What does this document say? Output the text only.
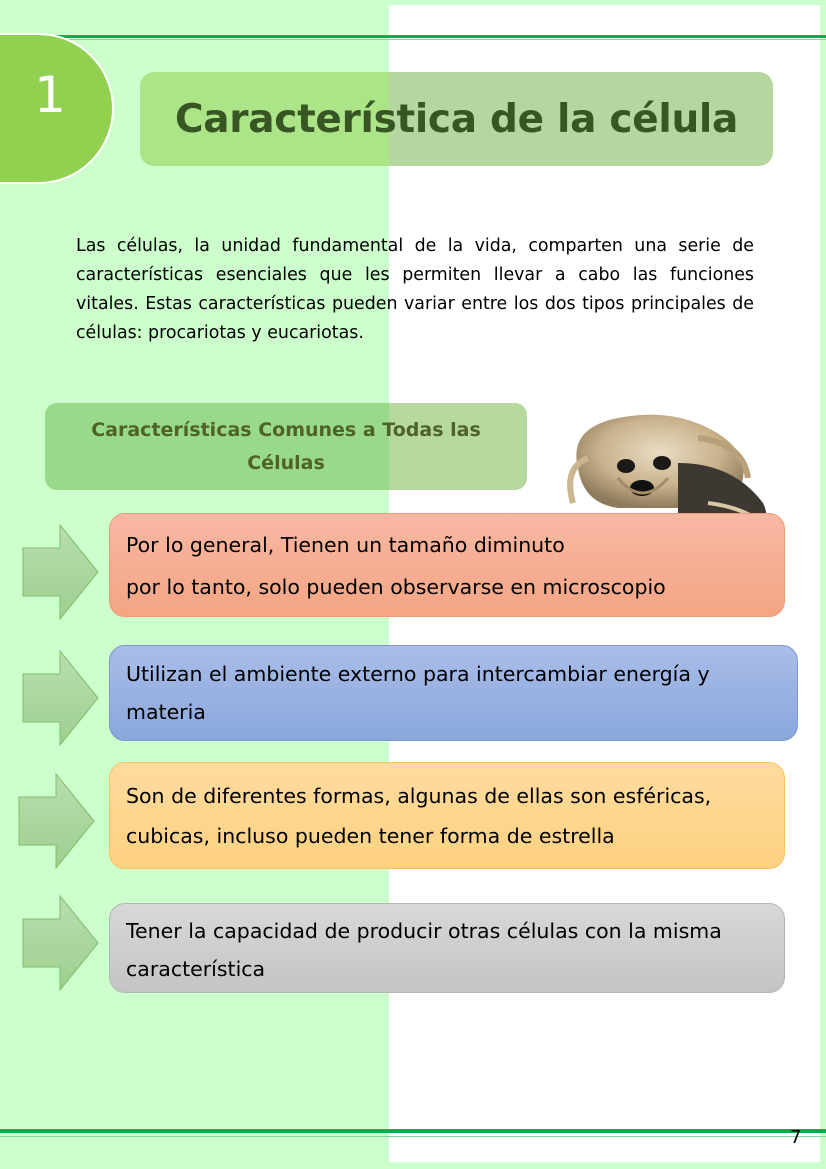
1	Característica de la célula
Las células, la unidad fundamental de la vida, comparten una serie de características esenciales que les permiten llevar a cabo las funciones vitales. Estas características pueden variar entre los dos tipos principales de células: procariotas y eucariotas.
Características Comunes a Todas las Células

Por lo general, Tienen un tamaño diminuto

por lo tanto, solo pueden observarse en microscopio

Utilizan el ambiente externo para intercambiar energía y materia

Son de diferentes formas, algunas de ellas son esféricas, cubicas, incluso pueden tener forma de estrella

Tener la capacidad de producir otras células con la misma característica

7
